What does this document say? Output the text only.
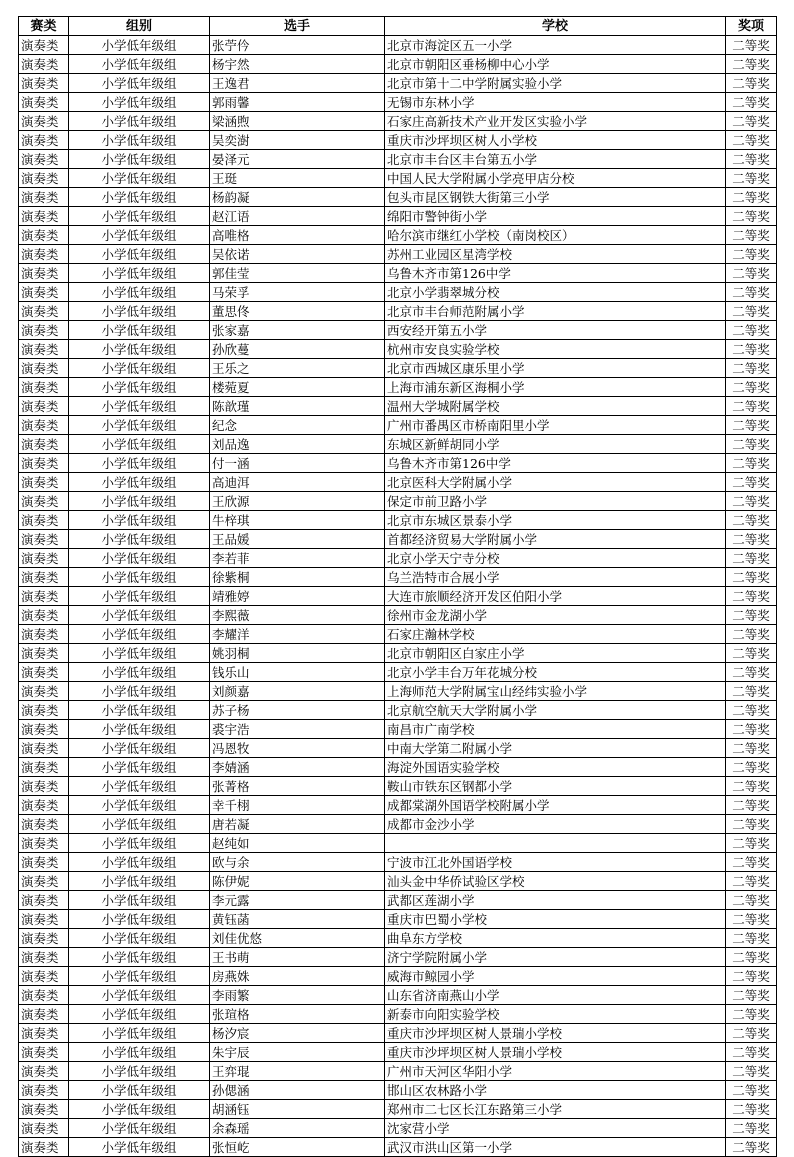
赛类	组别	选手	学校	奖项
演奏类	小学低年级组	张苧仱	北京市海淀区五一小学	二等奖
演奏类	小学低年级组	杨宇然	北京市朝阳区垂杨柳中心小学	二等奖
演奏类	小学低年级组	王逸君	北京市第十二中学附属实验小学	二等奖
演奏类	小学低年级组	郭雨馨	无锡市东林小学	二等奖
演奏类	小学低年级组	梁涵煦	石家庄高新技术产业开发区实验小学	二等奖
演奏类	小学低年级组	吴奕澍	重庆市沙坪坝区树人小学校	二等奖
演奏类	小学低年级组	晏泽元	北京市丰台区丰台第五小学	二等奖
演奏类	小学低年级组	王珽	中国人民大学附属小学亮甲店分校	二等奖
演奏类	小学低年级组	杨韵凝	包头市昆区钢铁大街第三小学	二等奖
演奏类	小学低年级组	赵江语	绵阳市警钟街小学	二等奖
演奏类	小学低年级组	高唯格	哈尔滨市继红小学校（南岗校区）	二等奖
演奏类	小学低年级组	吴依诺	苏州工业园区星湾学校	二等奖
演奏类	小学低年级组	郭佳莹	乌鲁木齐市第126中学	二等奖
演奏类	小学低年级组	马荣孚	北京小学翡翠城分校	二等奖
演奏类	小学低年级组	董思佟	北京市丰台师范附属小学	二等奖
演奏类	小学低年级组	张家嘉	西安经开第五小学	二等奖
演奏类	小学低年级组	孙欣蔓	杭州市安良实验学校	二等奖
演奏类	小学低年级组	王乐之	北京市西城区康乐里小学	二等奖
演奏类	小学低年级组	楼菀夏	上海市浦东新区海桐小学	二等奖
演奏类	小学低年级组	陈歆瑾	温州大学城附属学校	二等奖
演奏类	小学低年级组	纪念	广州市番禺区市桥南阳里小学	二等奖
演奏类	小学低年级组	刘品逸	东城区新鲜胡同小学	二等奖
演奏类	小学低年级组	付一涵	乌鲁木齐市第126中学	二等奖
演奏类	小学低年级组	高迪洱	北京医科大学附属小学	二等奖
演奏类	小学低年级组	王欣源	保定市前卫路小学	二等奖
演奏类	小学低年级组	牛梓琪	北京市东城区景泰小学	二等奖
演奏类	小学低年级组	王品媛	首都经济贸易大学附属小学	二等奖
演奏类	小学低年级组	李若菲	北京小学天宁寺分校	二等奖
演奏类	小学低年级组	徐紫桐	乌兰浩特市合展小学	二等奖
演奏类	小学低年级组	靖雅婷	大连市旅顺经济开发区伯阳小学	二等奖
演奏类	小学低年级组	李熙薇	徐州市金龙湖小学	二等奖
演奏类	小学低年级组	李耀洋	石家庄瀚林学校	二等奖
演奏类	小学低年级组	姚羽桐	北京市朝阳区白家庄小学	二等奖
演奏类	小学低年级组	钱乐山	北京小学丰台万年花城分校	二等奖
演奏类	小学低年级组	刘颜嘉	上海师范大学附属宝山经纬实验小学	二等奖
演奏类	小学低年级组	苏子杨	北京航空航天大学附属小学	二等奖
演奏类	小学低年级组	裘宇浩	南昌市广南学校	二等奖
演奏类	小学低年级组	冯恩牧	中南大学第二附属小学	二等奖
演奏类	小学低年级组	李婧涵	海淀外国语实验学校	二等奖
演奏类	小学低年级组	张菁格	鞍山市铁东区钢都小学	二等奖
演奏类	小学低年级组	幸千栩	成都棠湖外国语学校附属小学	二等奖
演奏类	小学低年级组	唐若凝	成都市金沙小学	二等奖
演奏类	小学低年级组	赵纯如		二等奖
演奏类	小学低年级组	欧与余	宁波市江北外国语学校	二等奖
演奏类	小学低年级组	陈伊妮	汕头金中华侨试验区学校	二等奖
演奏类	小学低年级组	李元露	武都区莲湖小学	二等奖
演奏类	小学低年级组	黄钰菡	重庆市巴蜀小学校	二等奖
演奏类	小学低年级组	刘佳优悠	曲阜东方学校	二等奖
演奏类	小学低年级组	王书萌	济宁学院附属小学	二等奖
演奏类	小学低年级组	房燕姝	威海市鲸园小学	二等奖
演奏类	小学低年级组	李雨繁	山东省济南燕山小学	二等奖
演奏类	小学低年级组	张瑄格	新泰市向阳实验学校	二等奖
演奏类	小学低年级组	杨汐宸	重庆市沙坪坝区树人景瑞小学校	二等奖
演奏类	小学低年级组	朱宇辰	重庆市沙坪坝区树人景瑞小学校	二等奖
演奏类	小学低年级组	王弈琨	广州市天河区华阳小学	二等奖
演奏类	小学低年级组	孙偲涵	邯山区农林路小学	二等奖
演奏类	小学低年级组	胡涵钰	郑州市二七区长江东路第三小学	二等奖
演奏类	小学低年级组	余森瑶	沈家营小学	二等奖
演奏类	小学低年级组	张恒屹	武汉市洪山区第一小学	二等奖
